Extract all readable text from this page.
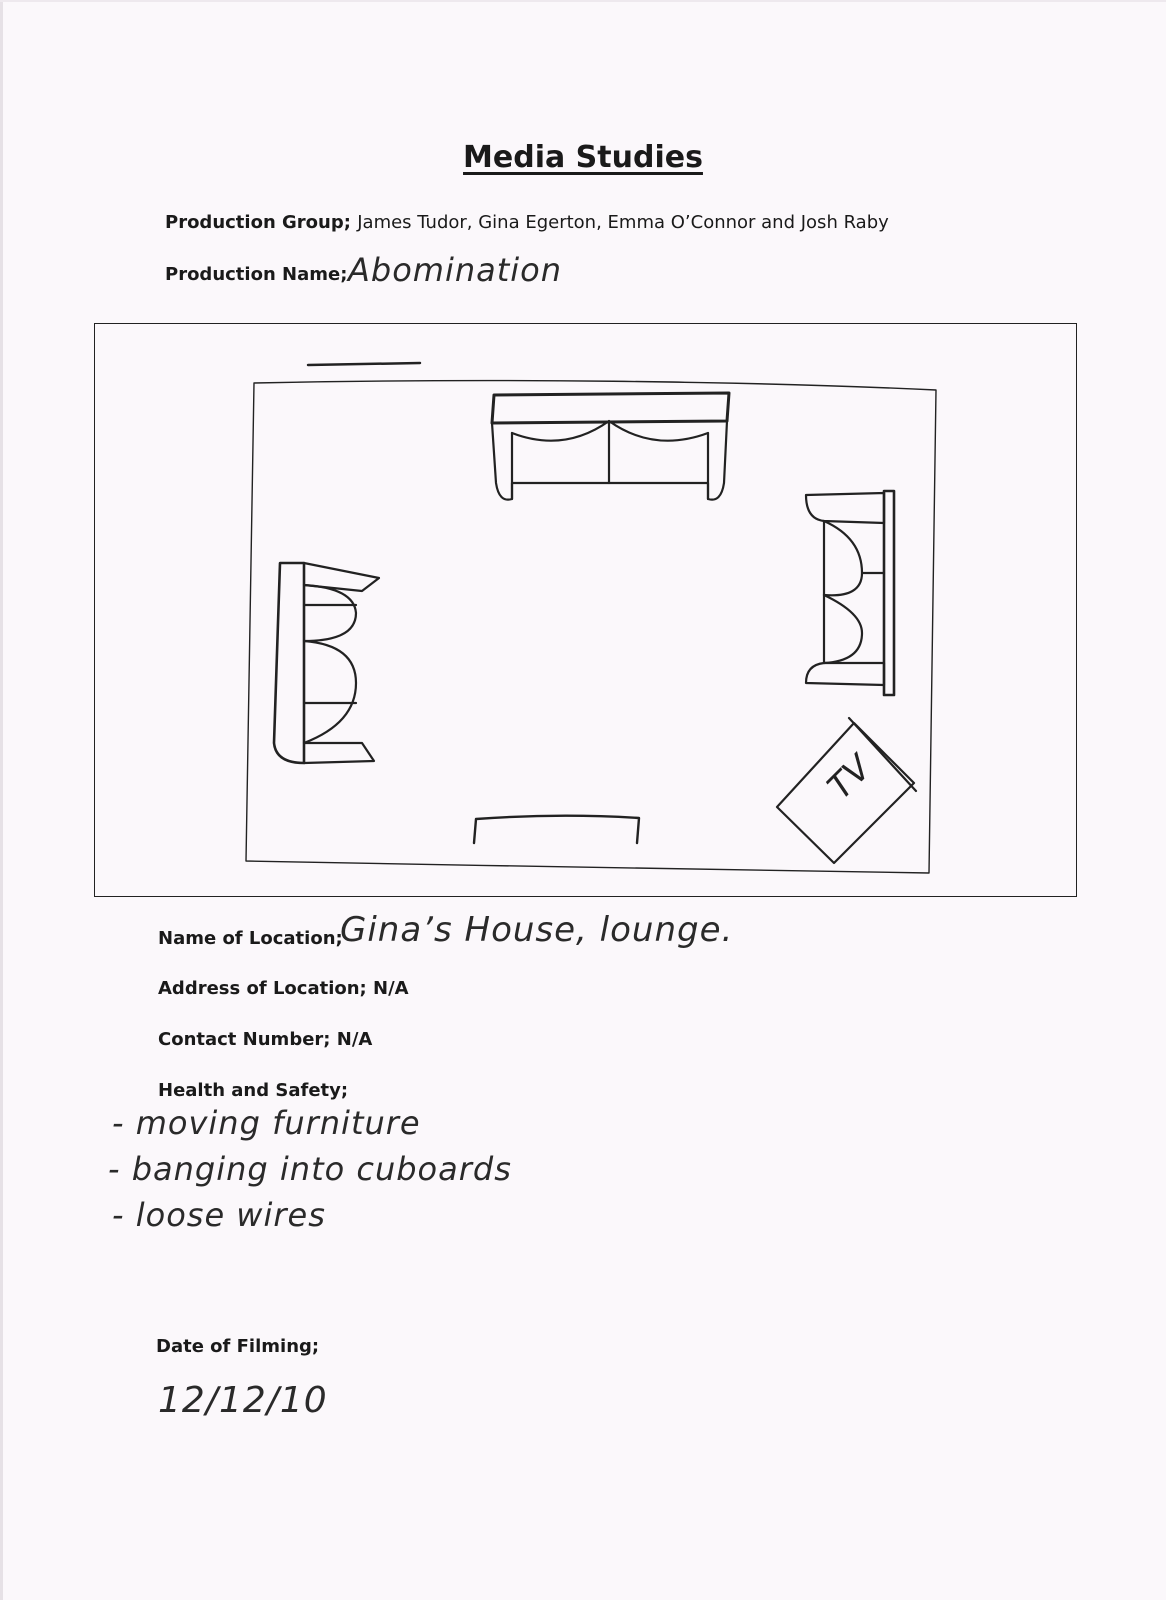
Media Studies
Production Group; James Tudor, Gina Egerton, Emma O’Connor and Josh Raby
Production Name; Abomination
TV
Name of Location;
Gina’s House, lounge.
Address of Location; N/A
Contact Number; N/A
Health and Safety;
- moving furniture
- banging into cuboards
- loose wires
Date of Filming;
12/12/10
